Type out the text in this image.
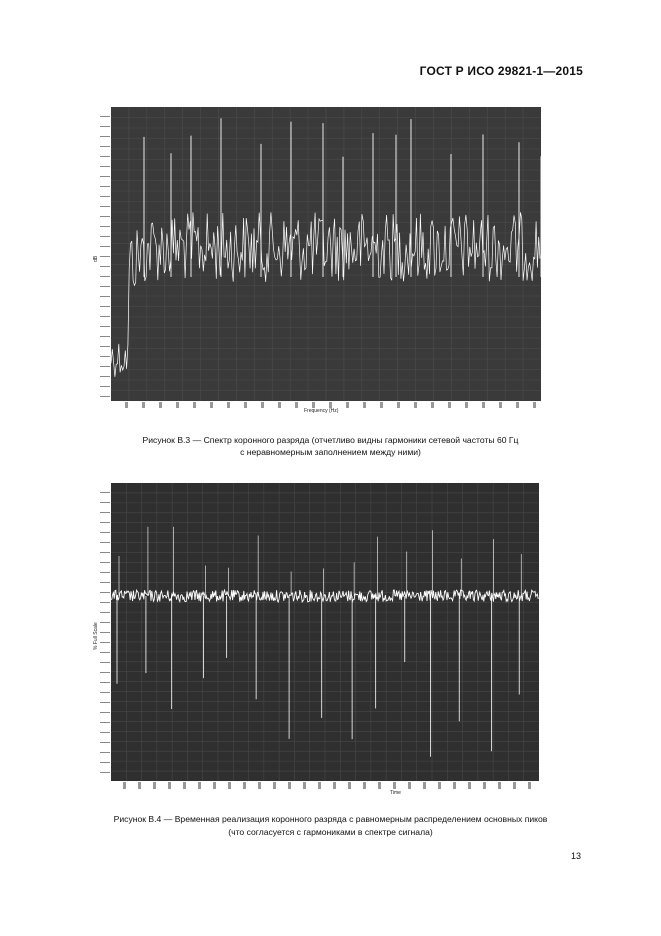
ГОСТ Р ИСО 29821-1—2015
dB
Frequency (Hz)
Рисунок В.3 — Спектр коронного разряда (отчетливо видны гармоники сетевой частоты 60 Гц
с неравномерным заполнением между ними)
% Full Scale
Time
Рисунок В.4 — Временная реализация коронного разряда с равномерным распределением основных пиков
(что согласуется с гармониками в спектре сигнала)
13
